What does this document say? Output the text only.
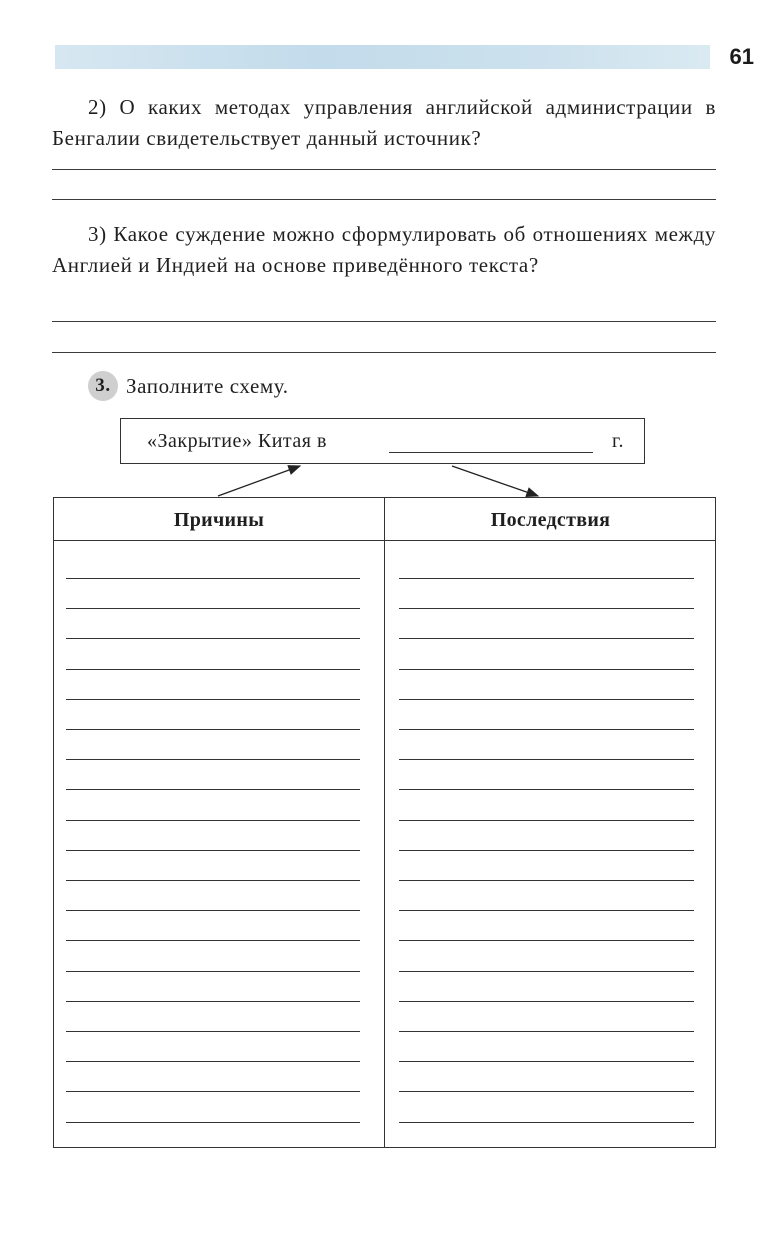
61
2) О каких методах управления английской администрации в Бенгалии свидетельствует данный источник?
3) Какое суждение можно сформулировать об отношениях между Англией и Индией на основе приведённого текста?
3. Заполните схему.
«Закрытие» Китая в	г.
Причины	Последствия
